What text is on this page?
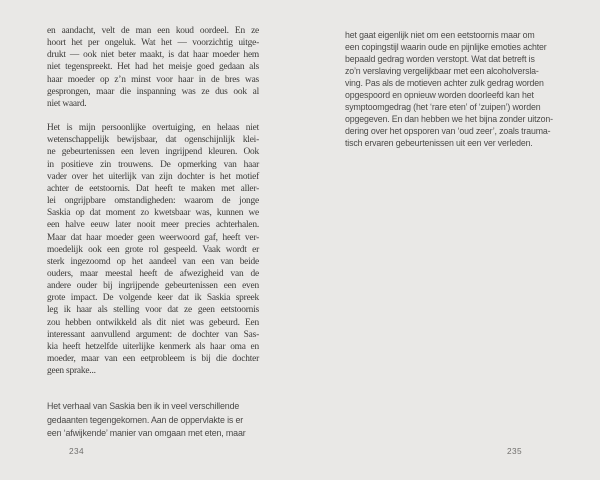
en aandacht, velt de man een koud oordeel. En ze
hoort het per ongeluk. Wat het — voorzichtig uitge-
drukt — ook niet beter maakt, is dat haar moeder hem
niet tegenspreekt. Het had het meisje goed gedaan als
haar moeder op z’n minst voor haar in de bres was
gesprongen, maar die inspanning was ze dus ook al
niet waard.
Het is mijn persoonlijke overtuiging, en helaas niet
wetenschappelijk bewijsbaar, dat ogenschijnlijk klei-
ne gebeurtenissen een leven ingrijpend kleuren. Ook
in positieve zin trouwens. De opmerking van haar
vader over het uiterlijk van zijn dochter is het motief
achter de eetstoornis. Dat heeft te maken met aller-
lei ongrijpbare omstandigheden: waarom de jonge
Saskia op dat moment zo kwetsbaar was, kunnen we
een halve eeuw later nooit meer precies achterhalen.
Maar dat haar moeder geen weerwoord gaf, heeft ver-
moedelijk ook een grote rol gespeeld. Vaak wordt er
sterk ingezoomd op het aandeel van een van beide
ouders, maar meestal heeft de afwezigheid van de
andere ouder bij ingrijpende gebeurtenissen een even
grote impact. De volgende keer dat ik Saskia spreek
leg ik haar als stelling voor dat ze geen eetstoornis
zou hebben ontwikkeld als dit niet was gebeurd. Een
interessant aanvullend argument: de dochter van Sas-
kia heeft hetzelfde uiterlijke kenmerk als haar oma en
moeder, maar van een eetprobleem is bij die dochter
geen sprake...
Het verhaal van Saskia ben ik in veel verschillende
gedaanten tegengekomen. Aan de oppervlakte is er
een ‘afwijkende’ manier van omgaan met eten, maar
234
het gaat eigenlijk niet om een eetstoornis maar om
een copingstijl waarin oude en pijnlijke emoties achter
bepaald gedrag worden verstopt. Wat dat betreft is
zo’n verslaving vergelijkbaar met een alcoholversla-
ving. Pas als de motieven achter zulk gedrag worden
opgespoord en opnieuw worden doorleefd kan het
symptoomgedrag (het ‘rare eten’ of ‘zuipen’) worden
opgegeven. En dan hebben we het bijna zonder uitzon-
dering over het opsporen van ‘oud zeer’, zoals trauma-
tisch ervaren gebeurtenissen uit een ver verleden.
235
